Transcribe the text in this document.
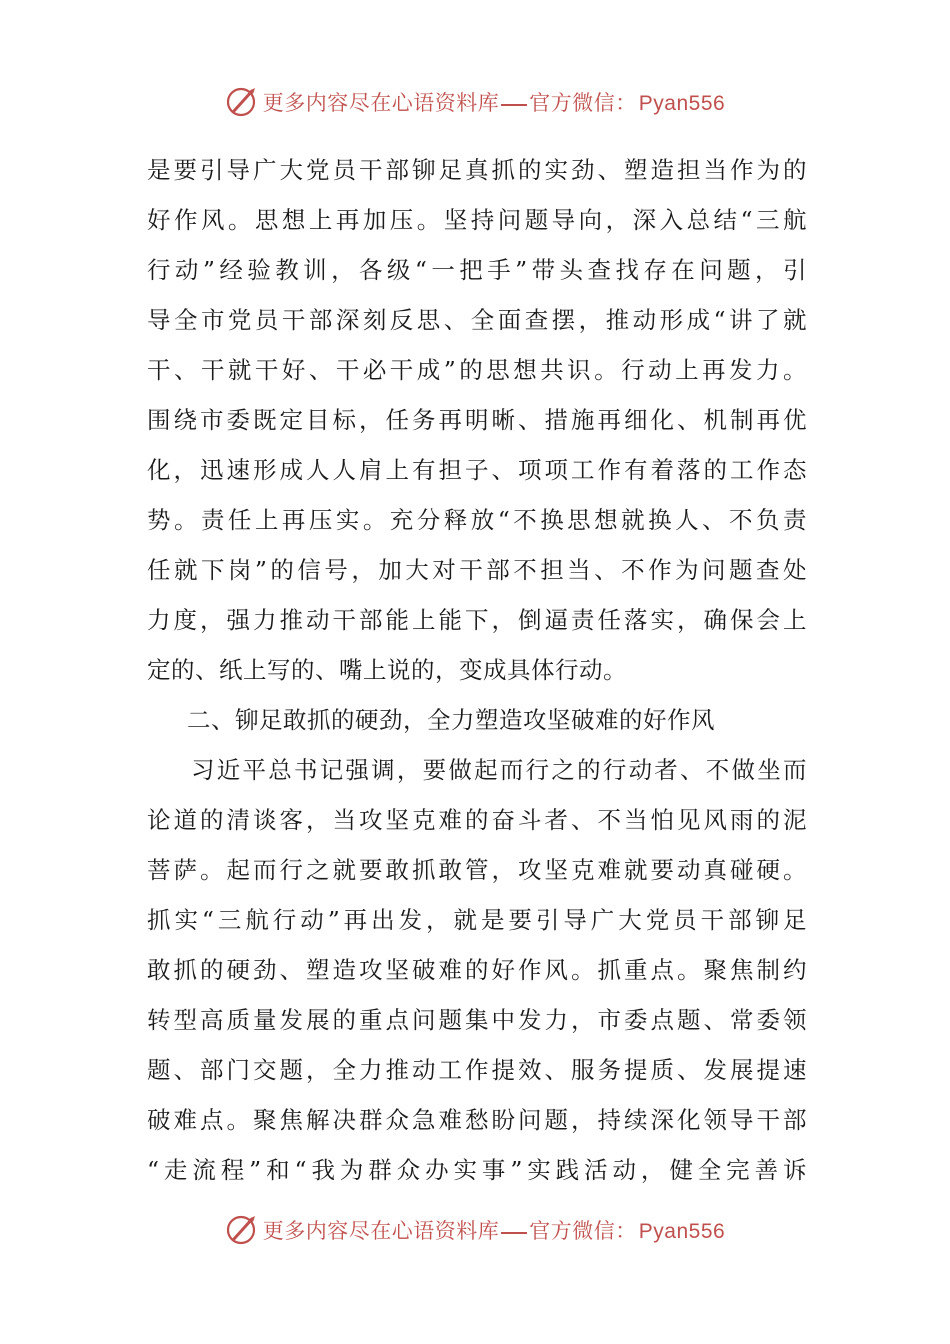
更多内容尽在心语资料库 官方微信：Pyan556
是要引导广大党员干部铆足真抓的实劲、塑造担当作为的
好作风。思想上再加压。坚持问题导向，深入总结“三航
行动”经验教训，各级“一把手”带头查找存在问题，引
导全市党员干部深刻反思、全面查摆，推动形成“讲了就
干、干就干好、干必干成”的思想共识。行动上再发力。
围绕市委既定目标，任务再明晰、措施再细化、机制再优
化，迅速形成人人肩上有担子、项项工作有着落的工作态
势。责任上再压实。充分释放“不换思想就换人、不负责
任就下岗”的信号，加大对干部不担当、不作为问题查处
力度，强力推动干部能上能下，倒逼责任落实，确保会上
定的、纸上写的、嘴上说的，变成具体行动。
二、铆足敢抓的硬劲，全力塑造攻坚破难的好作风
习近平总书记强调，要做起而行之的行动者、不做坐而
论道的清谈客，当攻坚克难的奋斗者、不当怕见风雨的泥
菩萨。起而行之就要敢抓敢管，攻坚克难就要动真碰硬。
抓实“三航行动”再出发，就是要引导广大党员干部铆足
敢抓的硬劲、塑造攻坚破难的好作风。抓重点。聚焦制约
转型高质量发展的重点问题集中发力，市委点题、常委领
题、部门交题，全力推动工作提效、服务提质、发展提速
破难点。聚焦解决群众急难愁盼问题，持续深化领导干部
“走流程”和“我为群众办实事”实践活动，健全完善诉
更多内容尽在心语资料库 官方微信：Pyan556
